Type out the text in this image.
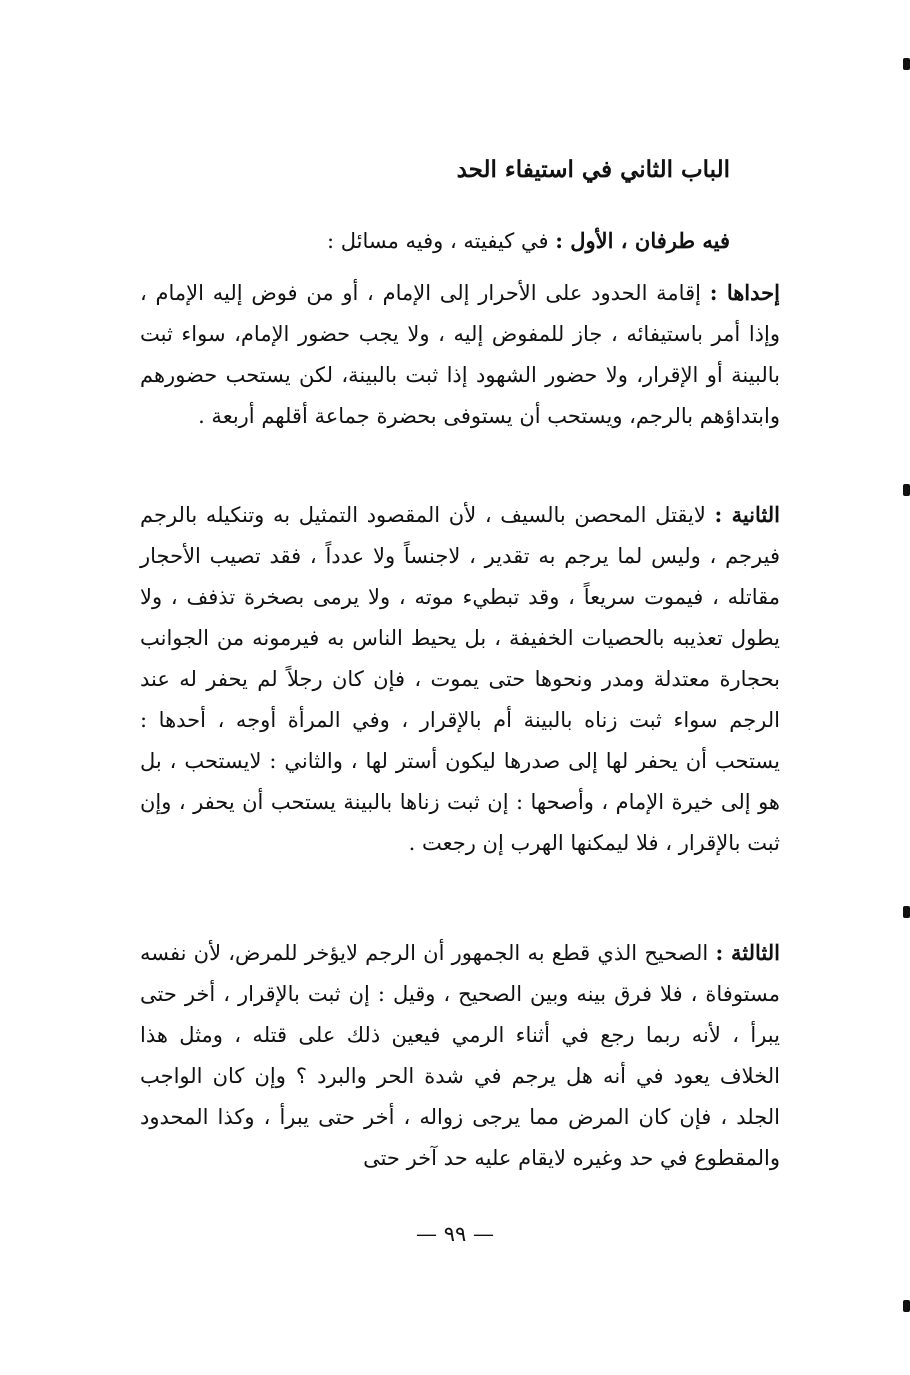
الباب الثاني في استيفاء الحد
فيه طرفان ، الأول : في كيفيته ، وفيه مسائل :
إحداها : إقامة الحدود على الأحرار إلى الإمام ، أو من فوض إليه الإمام ، وإذا أمر باستيفائه ، جاز للمفوض إليه ، ولا يجب حضور الإمام، سواء ثبت بالبينة أو الإقرار، ولا حضور الشهود إذا ثبت بالبينة، لكن يستحب حضورهم وابتداؤهم بالرجم، ويستحب أن يستوفى بحضرة جماعة أقلهم أربعة .
الثانية : لايقتل المحصن بالسيف ، لأن المقصود التمثيل به وتنكيله بالرجم فيرجم ، وليس لما يرجم به تقدير ، لاجنساً ولا عدداً ، فقد تصيب الأحجار مقاتله ، فيموت سريعاً ، وقد تبطيء موته ، ولا يرمى بصخرة تذفف ، ولا يطول تعذيبه بالحصيات الخفيفة ، بل يحيط الناس به فيرمونه من الجوانب بحجارة معتدلة ومدر ونحوها حتى يموت ، فإن كان رجلاً لم يحفر له عند الرجم سواء ثبت زناه بالبينة أم بالإقرار ، وفي المرأة أوجه ، أحدها : يستحب أن يحفر لها إلى صدرها ليكون أستر لها ، والثاني : لايستحب ، بل هو إلى خيرة الإمام ، وأصحها : إن ثبت زناها بالبينة يستحب أن يحفر ، وإن ثبت بالإقرار ، فلا ليمكنها الهرب إن رجعت .
الثالثة : الصحيح الذي قطع به الجمهور أن الرجم لايؤخر للمرض، لأن نفسه مستوفاة ، فلا فرق بينه وبين الصحيح ، وقيل : إن ثبت بالإقرار ، أخر حتى يبرأ ، لأنه ربما رجع في أثناء الرمي فيعين ذلك على قتله ، ومثل هذا الخلاف يعود في أنه هل يرجم في شدة الحر والبرد ؟ وإن كان الواجب الجلد ، فإن كان المرض مما يرجى زواله ، أخر حتى يبرأ ، وكذا المحدود والمقطوع في حد وغيره لايقام عليه حد آخر حتى
— ٩٩ —
